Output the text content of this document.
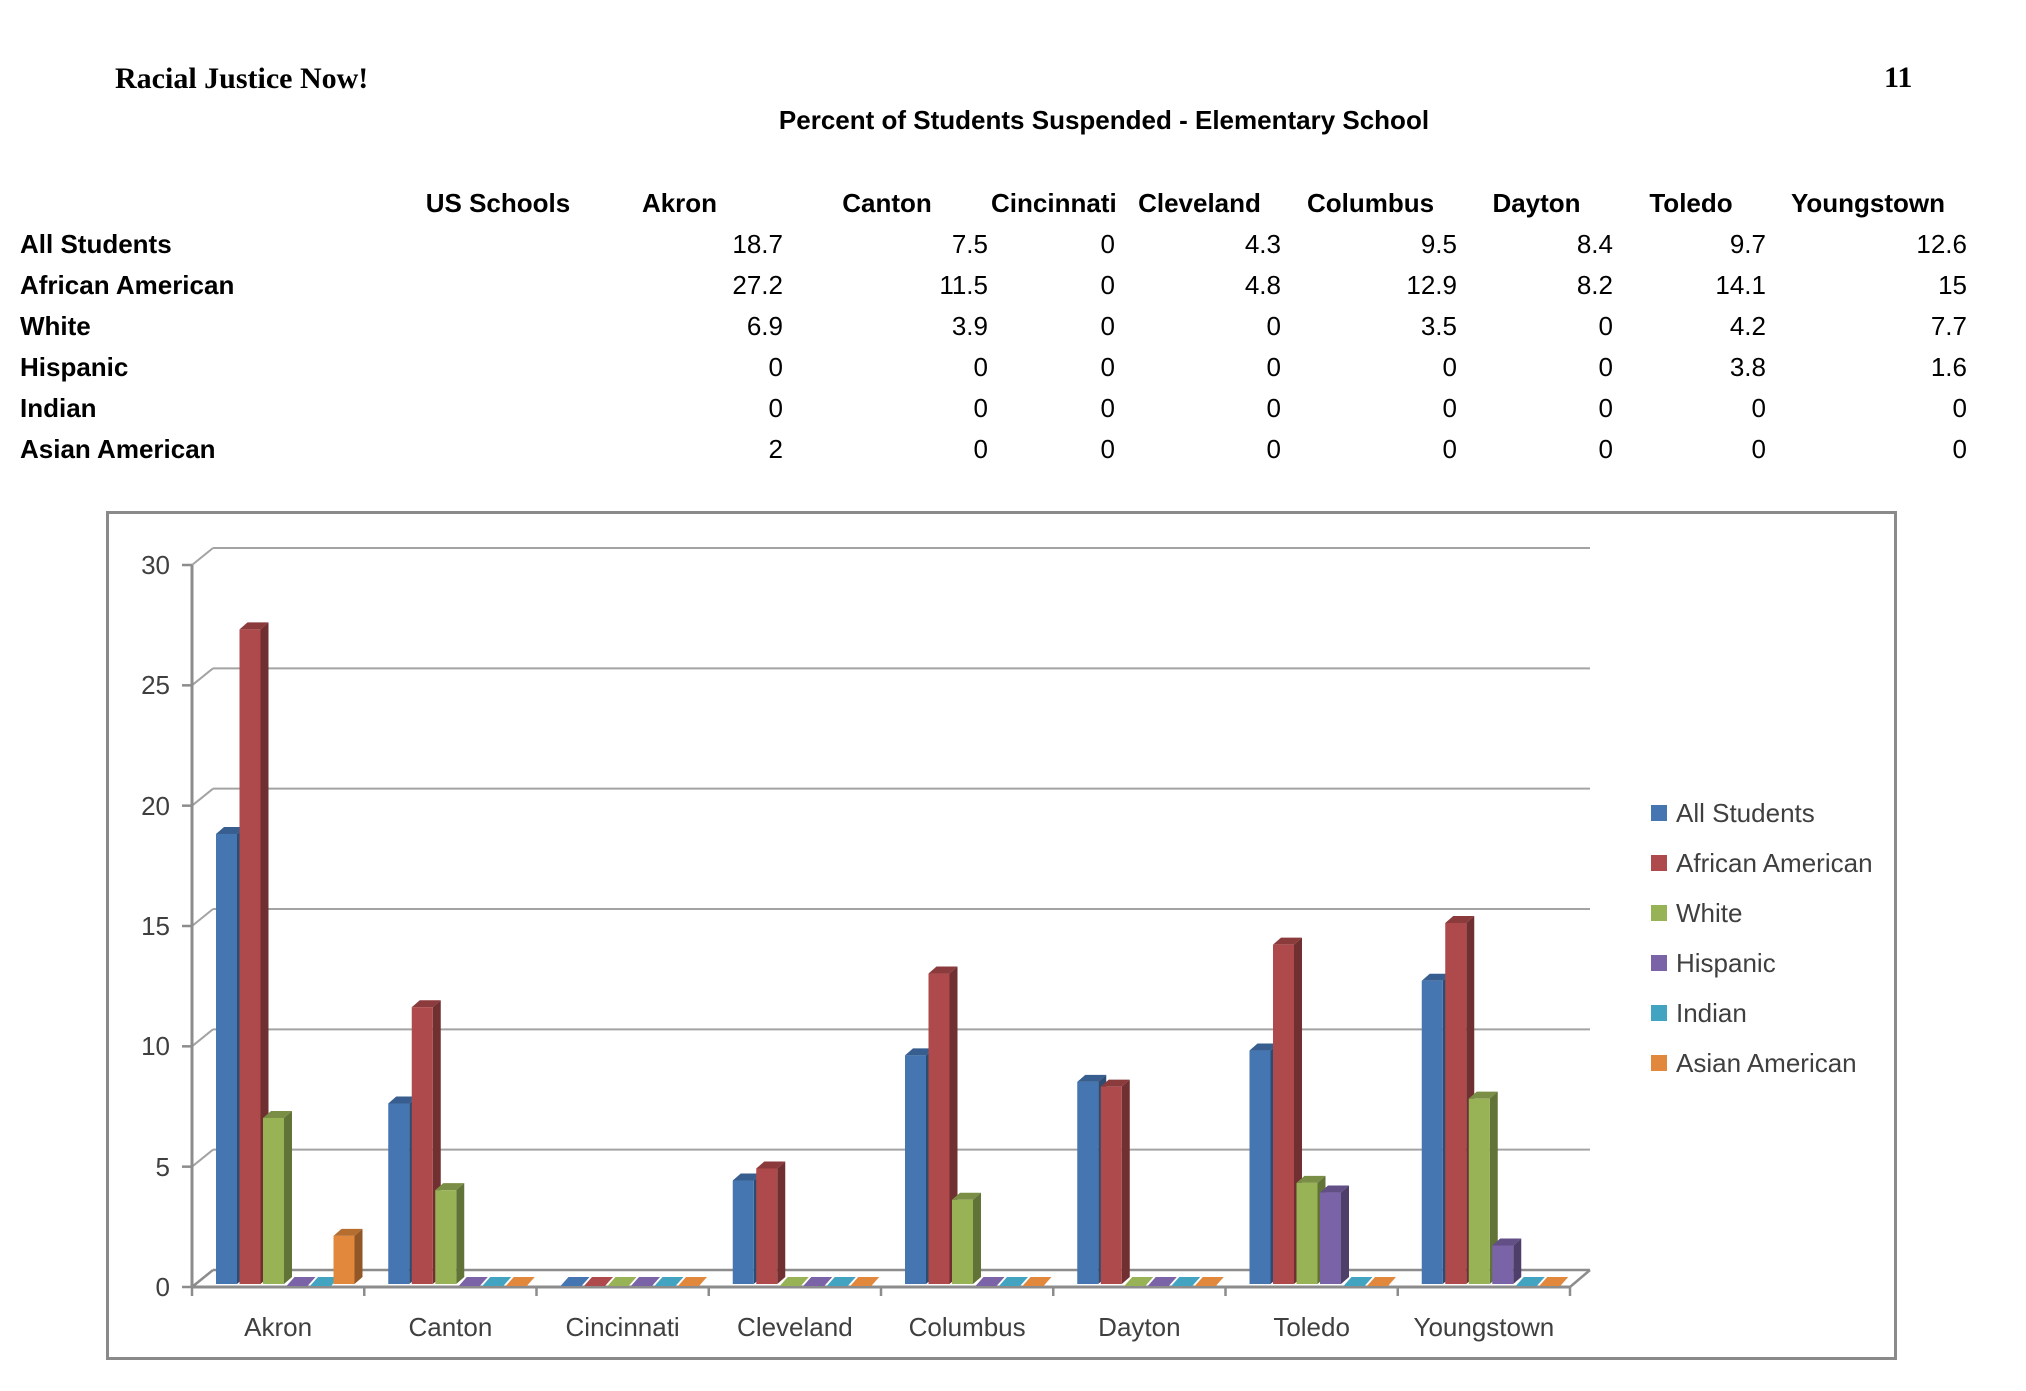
Racial Justice Now!	11
Percent of Students Suspended - Elementary School
	US Schools	Akron	Canton	Cincinnati	Cleveland	Columbus	Dayton	Toledo	Youngstown
All Students		18.7	7.5	0	4.3	9.5	8.4	9.7	12.6
African American		27.2	11.5	0	4.8	12.9	8.2	14.1	15
White		6.9	3.9	0	0	3.5	0	4.2	7.7
Hispanic		0	0	0	0	0	0	3.8	1.6
Indian		0	0	0	0	0	0	0	0
Asian American		2	0	0	0	0	0	0	0
0
5
10
15
20
25
30
Akron	Canton	Cincinnati	Cleveland	Columbus	Dayton	Toledo	Youngstown
All Students
African American
White
Hispanic
Indian
Asian American
